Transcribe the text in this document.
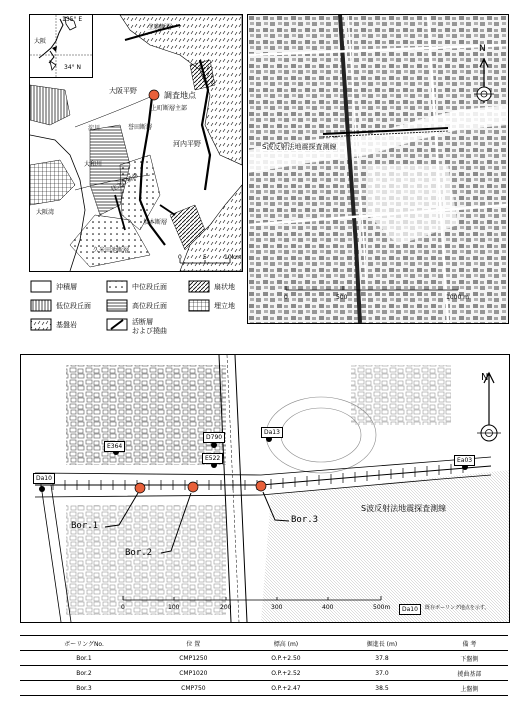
135° E
34° N
大阪
生駒断層
大阪平野	調査地点
上町断層主部
誉田断層
淀川
河内平野
大和川
大阪湾
住之江撓曲
坂本断層
久米田池断層
0	5	10km
N
S波反射法地震探査測線
0	500	1000 m
沖積層	中位段丘面	扇状地
低位段丘面	高位段丘面	埋立地
基盤岩	活断層
および撓曲
N
S波反射法地震探査測線
Da10
E364
D790
Da13
E522	Ea03
Bor.1
Bor.2
Bor.3
0	100	200	300	400	500m	Da10	既存ボーリング地点を示す。
ボーリングNo.	位 置	標高 (m)	掘進長 (m)	備 考
Bor.1	CMP1250	O.P.+2.50	37.8	下盤側
Bor.2	CMP1020	O.P.+2.52	37.0	撓曲基部
Bor.3	CMP750	O.P.+2.47	38.5	上盤側
